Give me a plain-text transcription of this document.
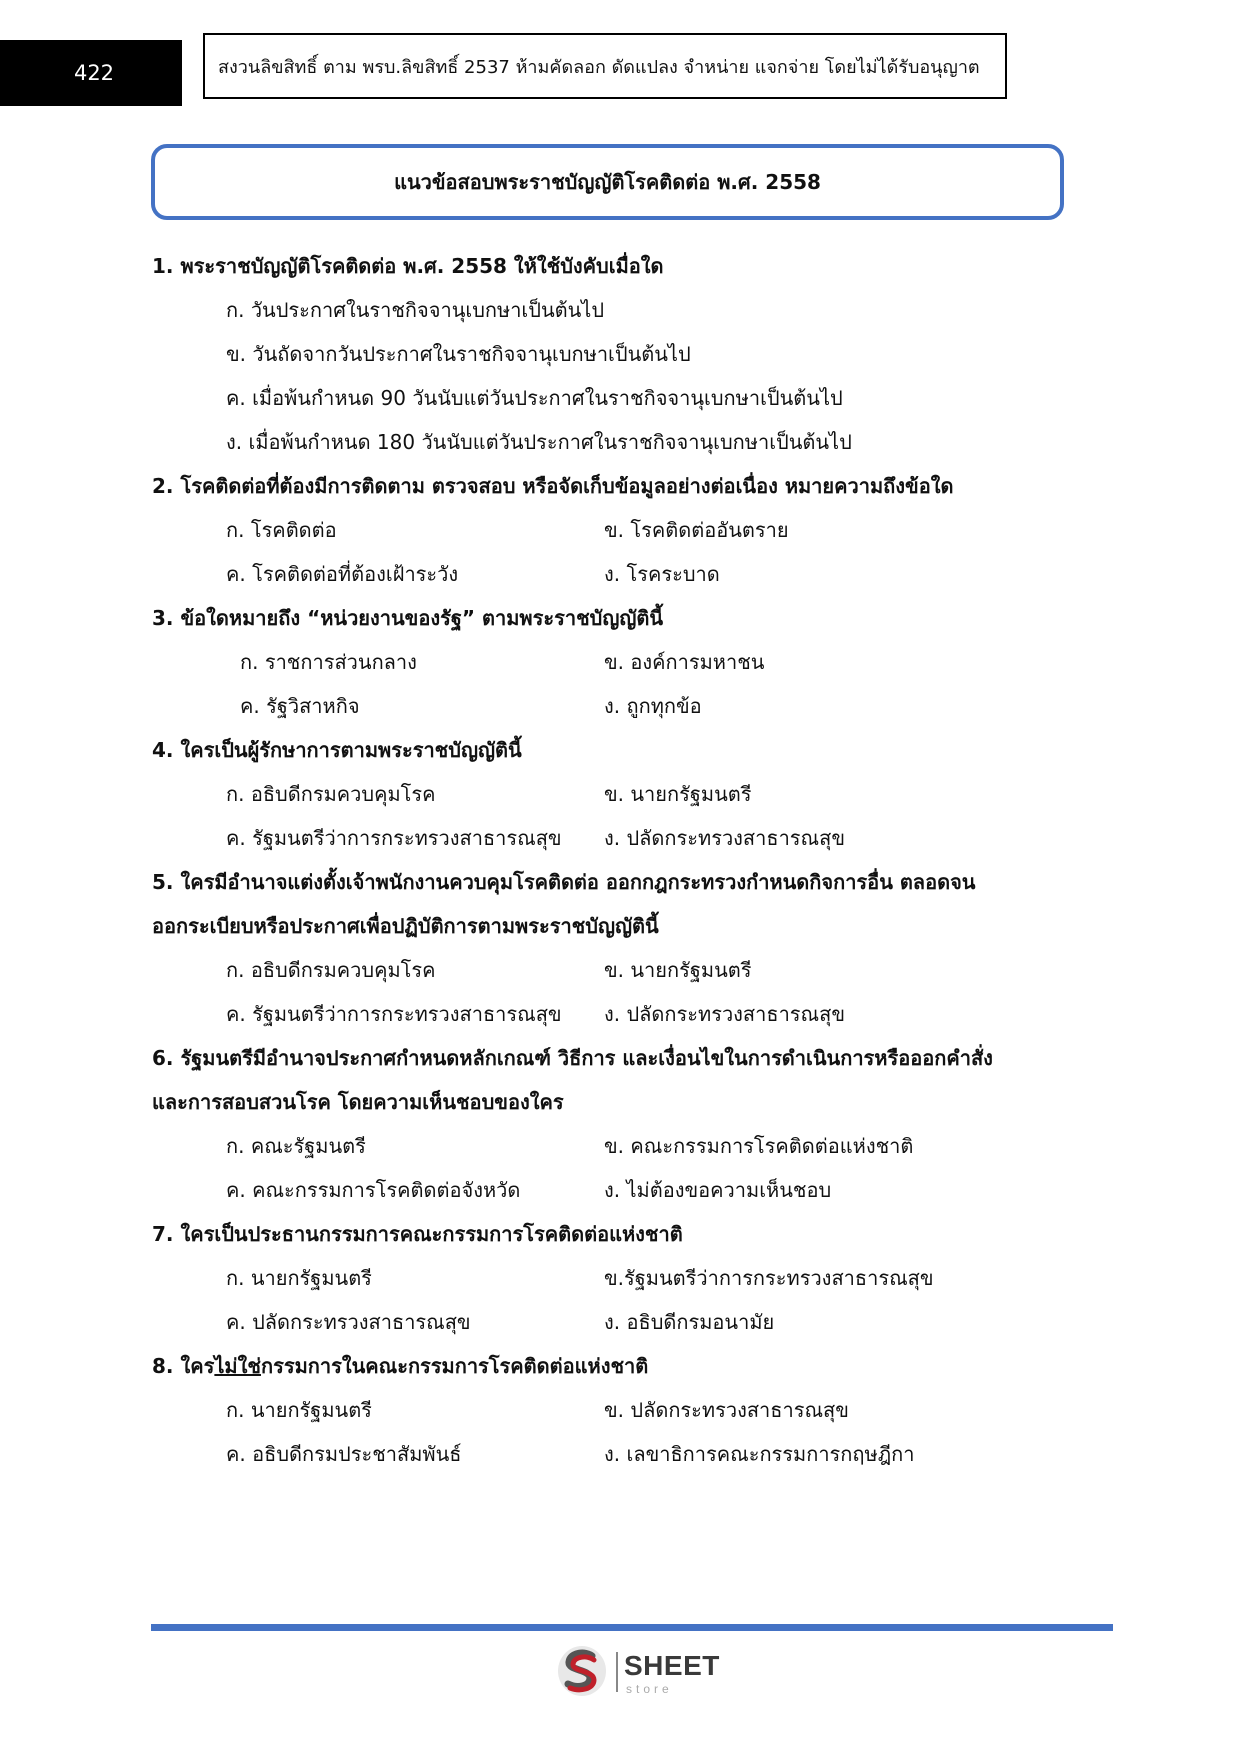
422	สงวนลิขสิทธิ์ ตาม พรบ.ลิขสิทธิ์ 2537 ห้ามคัดลอก ดัดแปลง จำหน่าย แจกจ่าย โดยไม่ได้รับอนุญาต
แนวข้อสอบพระราชบัญญัติโรคติดต่อ พ.ศ. 2558
1. พระราชบัญญัติโรคติดต่อ พ.ศ. 2558 ให้ใช้บังคับเมื่อใด
ก. วันประกาศในราชกิจจานุเบกษาเป็นต้นไป
ข. วันถัดจากวันประกาศในราชกิจจานุเบกษาเป็นต้นไป
ค. เมื่อพ้นกำหนด 90 วันนับแต่วันประกาศในราชกิจจานุเบกษาเป็นต้นไป
ง. เมื่อพ้นกำหนด 180 วันนับแต่วันประกาศในราชกิจจานุเบกษาเป็นต้นไป
2. โรคติดต่อที่ต้องมีการติดตาม ตรวจสอบ หรือจัดเก็บข้อมูลอย่างต่อเนื่อง หมายความถึงข้อใด
ก. โรคติดต่อ	ข. โรคติดต่ออันตราย
ค. โรคติดต่อที่ต้องเฝ้าระวัง	ง. โรคระบาด
3. ข้อใดหมายถึง “หน่วยงานของรัฐ” ตามพระราชบัญญัตินี้
ก. ราชการส่วนกลาง	ข. องค์การมหาชน
ค. รัฐวิสาหกิจ	ง. ถูกทุกข้อ
4. ใครเป็นผู้รักษาการตามพระราชบัญญัตินี้
ก. อธิบดีกรมควบคุมโรค	ข. นายกรัฐมนตรี
ค. รัฐมนตรีว่าการกระทรวงสาธารณสุข ง. ปลัดกระทรวงสาธารณสุข
5. ใครมีอำนาจแต่งตั้งเจ้าพนักงานควบคุมโรคติดต่อ ออกกฎกระทรวงกำหนดกิจการอื่น ตลอดจน
ออกระเบียบหรือประกาศเพื่อปฏิบัติการตามพระราชบัญญัตินี้
ก. อธิบดีกรมควบคุมโรค	ข. นายกรัฐมนตรี
ค. รัฐมนตรีว่าการกระทรวงสาธารณสุข ง. ปลัดกระทรวงสาธารณสุข
6. รัฐมนตรีมีอำนาจประกาศกำหนดหลักเกณฑ์ วิธีการ และเงื่อนไขในการดำเนินการหรือออกคำสั่ง
และการสอบสวนโรค โดยความเห็นชอบของใคร
ก. คณะรัฐมนตรี	ข. คณะกรรมการโรคติดต่อแห่งชาติ
ค. คณะกรรมการโรคติดต่อจังหวัด	ง. ไม่ต้องขอความเห็นชอบ
7. ใครเป็นประธานกรรมการคณะกรรมการโรคติดต่อแห่งชาติ
ก. นายกรัฐมนตรี	ข.รัฐมนตรีว่าการกระทรวงสาธารณสุข
ค. ปลัดกระทรวงสาธารณสุข	ง. อธิบดีกรมอนามัย
8. ใครไม่ใช่กรรมการในคณะกรรมการโรคติดต่อแห่งชาติ
ก. นายกรัฐมนตรี	ข. ปลัดกระทรวงสาธารณสุข
ค. อธิบดีกรมประชาสัมพันธ์	ง. เลขาธิการคณะกรรมการกฤษฎีกา
SHEET
store
